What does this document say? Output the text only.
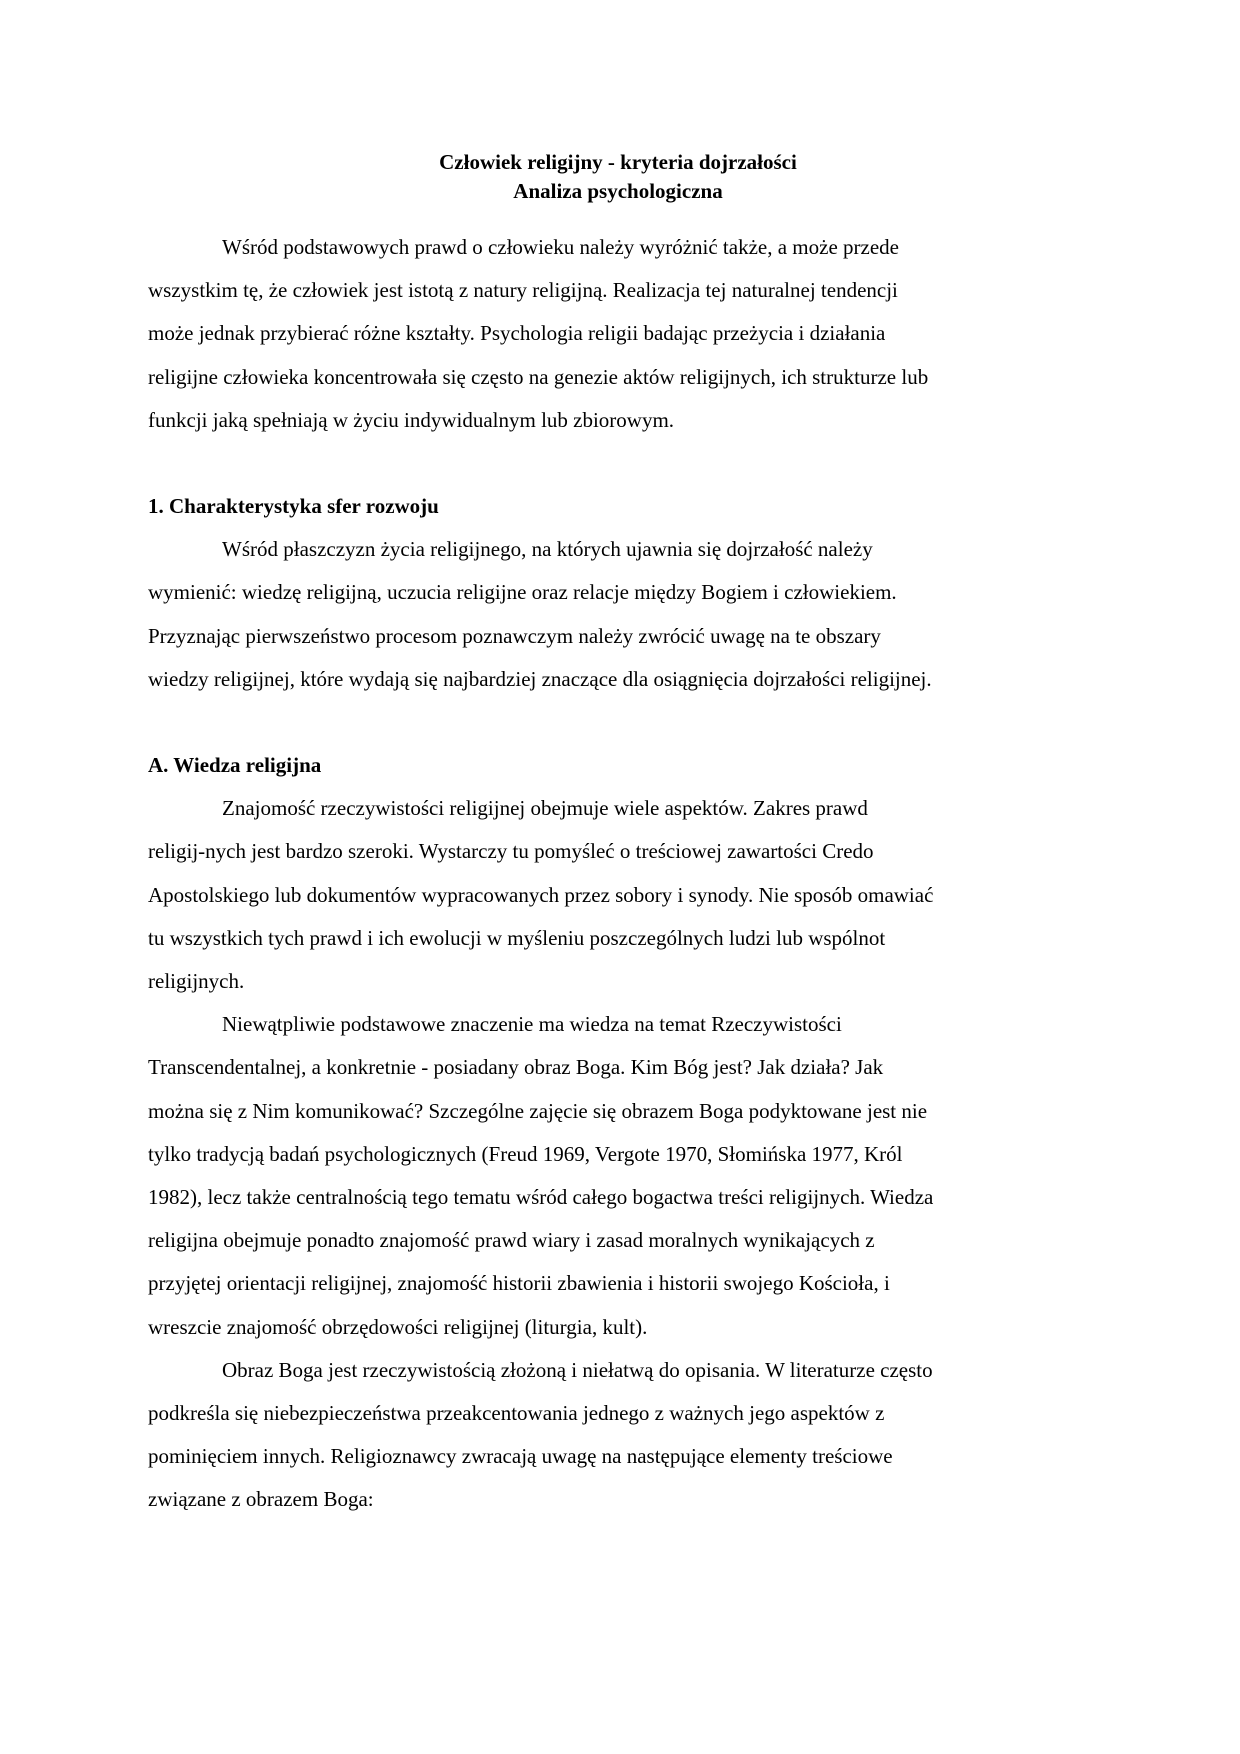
Człowiek religijny - kryteria dojrzałości
Analiza psychologiczna
Wśród podstawowych prawd o człowieku należy wyróżnić także, a może przede
wszystkim tę, że człowiek jest istotą z natury religijną. Realizacja tej naturalnej tendencji
może jednak przybierać różne kształty. Psychologia religii badając przeżycia i działania
religijne człowieka koncentrowała się często na genezie aktów religijnych, ich strukturze lub
funkcji jaką spełniają w życiu indywidualnym lub zbiorowym.
1. Charakterystyka sfer rozwoju
Wśród płaszczyzn życia religijnego, na których ujawnia się dojrzałość należy
wymienić: wiedzę religijną, uczucia religijne oraz relacje między Bogiem i człowiekiem.
Przyznając pierwszeństwo procesom poznawczym należy zwrócić uwagę na te obszary
wiedzy religijnej, które wydają się najbardziej znaczące dla osiągnięcia dojrzałości religijnej.
A. Wiedza religijna
Znajomość rzeczywistości religijnej obejmuje wiele aspektów. Zakres prawd
religij-nych jest bardzo szeroki. Wystarczy tu pomyśleć o treściowej zawartości Credo
Apostolskiego lub dokumentów wypracowanych przez sobory i synody. Nie sposób omawiać
tu wszystkich tych prawd i ich ewolucji w myśleniu poszczególnych ludzi lub wspólnot
religijnych.
Niewątpliwie podstawowe znaczenie ma wiedza na temat Rzeczywistości
Transcendentalnej, a konkretnie - posiadany obraz Boga. Kim Bóg jest? Jak działa? Jak
można się z Nim komunikować? Szczególne zajęcie się obrazem Boga podyktowane jest nie
tylko tradycją badań psychologicznych (Freud 1969, Vergote 1970, Słomińska 1977, Król
1982), lecz także centralnością tego tematu wśród całego bogactwa treści religijnych. Wiedza
religijna obejmuje ponadto znajomość prawd wiary i zasad moralnych wynikających z
przyjętej orientacji religijnej, znajomość historii zbawienia i historii swojego Kościoła, i
wreszcie znajomość obrzędowości religijnej (liturgia, kult).
Obraz Boga jest rzeczywistością złożoną i niełatwą do opisania. W literaturze często
podkreśla się niebezpieczeństwa przeakcentowania jednego z ważnych jego aspektów z
pominięciem innych. Religioznawcy zwracają uwagę na następujące elementy treściowe
związane z obrazem Boga:
